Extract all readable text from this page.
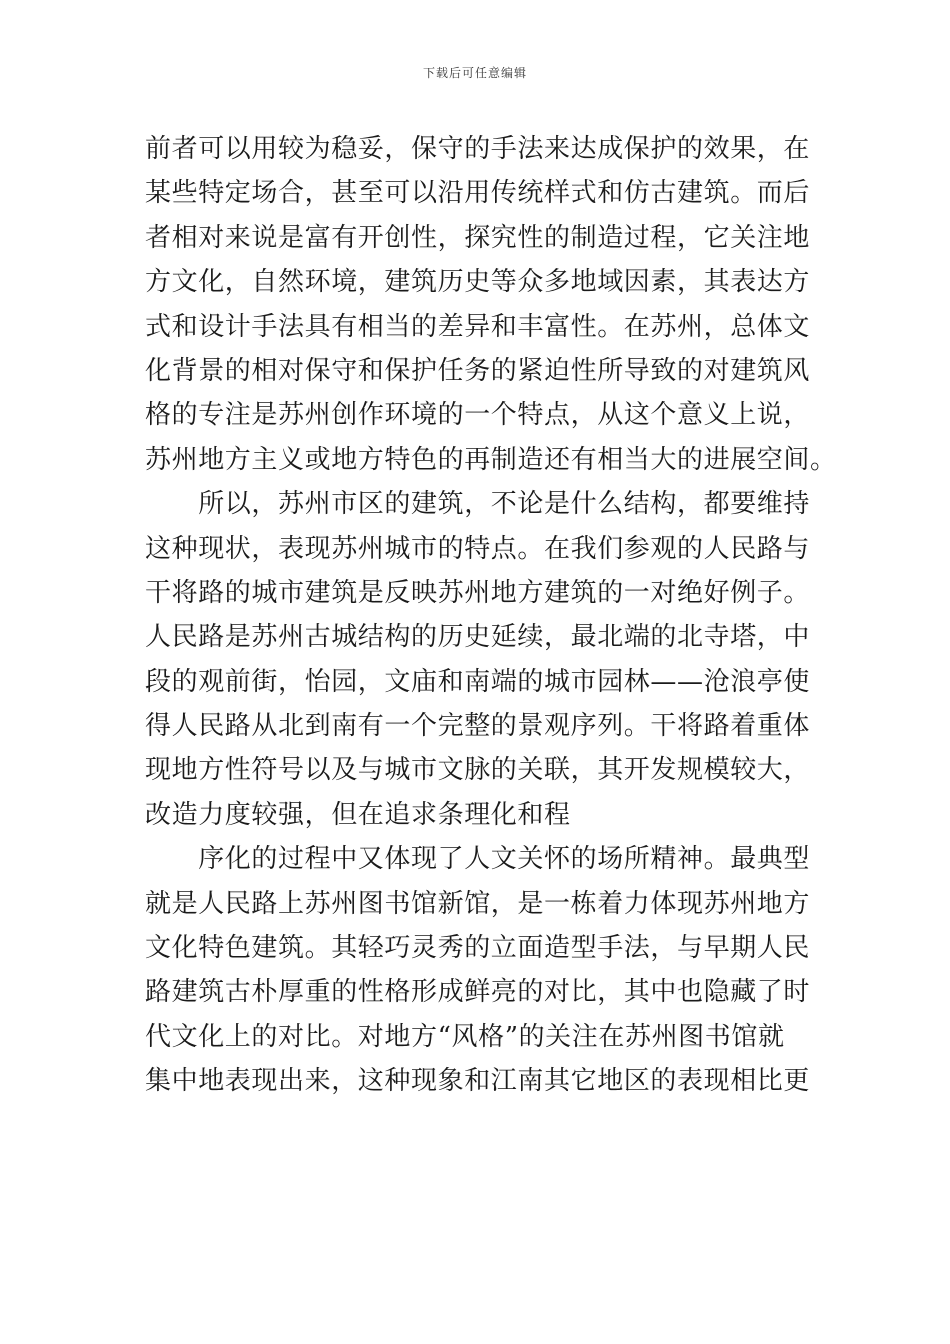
下载后可任意编辑
前者可以用较为稳妥，保守的手法来达成保护的效果，在
某些特定场合，甚至可以沿用传统样式和仿古建筑。而后
者相对来说是富有开创性，探究性的制造过程，它关注地
方文化，自然环境，建筑历史等众多地域因素，其表达方
式和设计手法具有相当的差异和丰富性。在苏州，总体文
化背景的相对保守和保护任务的紧迫性所导致的对建筑风
格的专注是苏州创作环境的一个特点，从这个意义上说，
苏州地方主义或地方特色的再制造还有相当大的进展空间。
　　所以，苏州市区的建筑，不论是什么结构，都要维持
这种现状，表现苏州城市的特点。在我们参观的人民路与
干将路的城市建筑是反映苏州地方建筑的一对绝好例子。
人民路是苏州古城结构的历史延续，最北端的北寺塔，中
段的观前街，怡园，文庙和南端的城市园林——沧浪亭使
得人民路从北到南有一个完整的景观序列。干将路着重体
现地方性符号以及与城市文脉的关联，其开发规模较大，
改造力度较强，但在追求条理化和程
　　序化的过程中又体现了人文关怀的场所精神。最典型
就是人民路上苏州图书馆新馆，是一栋着力体现苏州地方
文化特色建筑。其轻巧灵秀的立面造型手法，与早期人民
路建筑古朴厚重的性格形成鲜亮的对比，其中也隐藏了时
代文化上的对比。对地方“风格”的关注在苏州图书馆就
集中地表现出来，这种现象和江南其它地区的表现相比更
